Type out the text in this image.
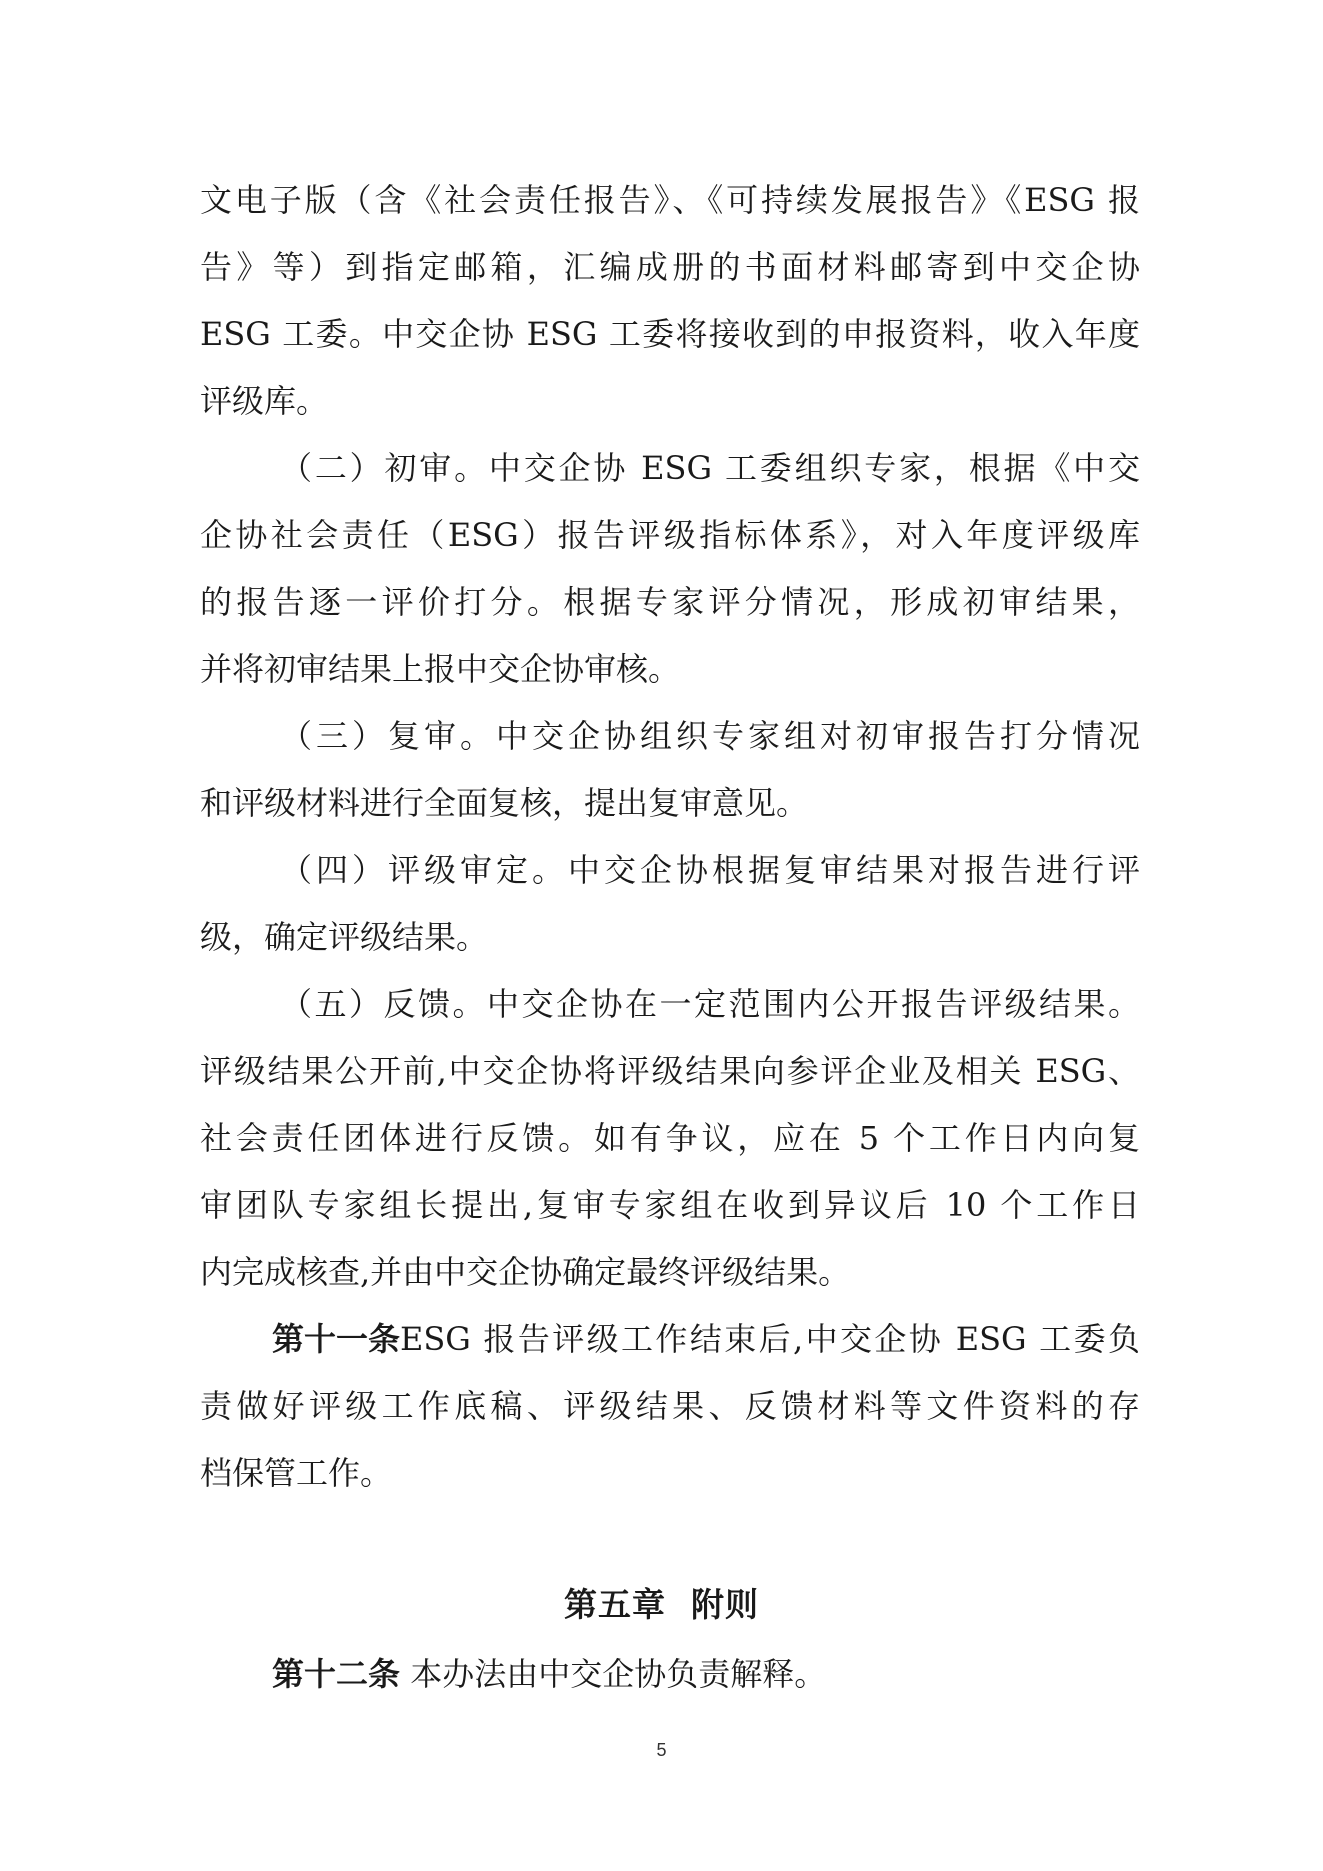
文电子版（含《社会责任报告》、《可持续发展报告》《ESG 报
告》等）到指定邮箱，汇编成册的书面材料邮寄到中交企协
ESG 工委。中交企协 ESG 工委将接收到的申报资料，收入年度
评级库。
（二）初审。中交企协 ESG 工委组织专家，根据《中交
企协社会责任（ESG）报告评级指标体系》，对入年度评级库
的报告逐一评价打分。根据专家评分情况，形成初审结果，
并将初审结果上报中交企协审核。
（三）复审。中交企协组织专家组对初审报告打分情况
和评级材料进行全面复核，提出复审意见。
（四）评级审定。中交企协根据复审结果对报告进行评
级，确定评级结果。
（五）反馈。中交企协在一定范围内公开报告评级结果。
评级结果公开前,中交企协将评级结果向参评企业及相关 ESG、
社会责任团体进行反馈。如有争议，应在 5 个工作日内向复
审团队专家组长提出,复审专家组在收到异议后 10 个工作日
内完成核查,并由中交企协确定最终评级结果。
第十一条 ESG 报告评级工作结束后,中交企协 ESG 工委负
责做好评级工作底稿、评级结果、反馈材料等文件资料的存
档保管工作。
第五章  附则
第十二条 本办法由中交企协负责解释。
5
